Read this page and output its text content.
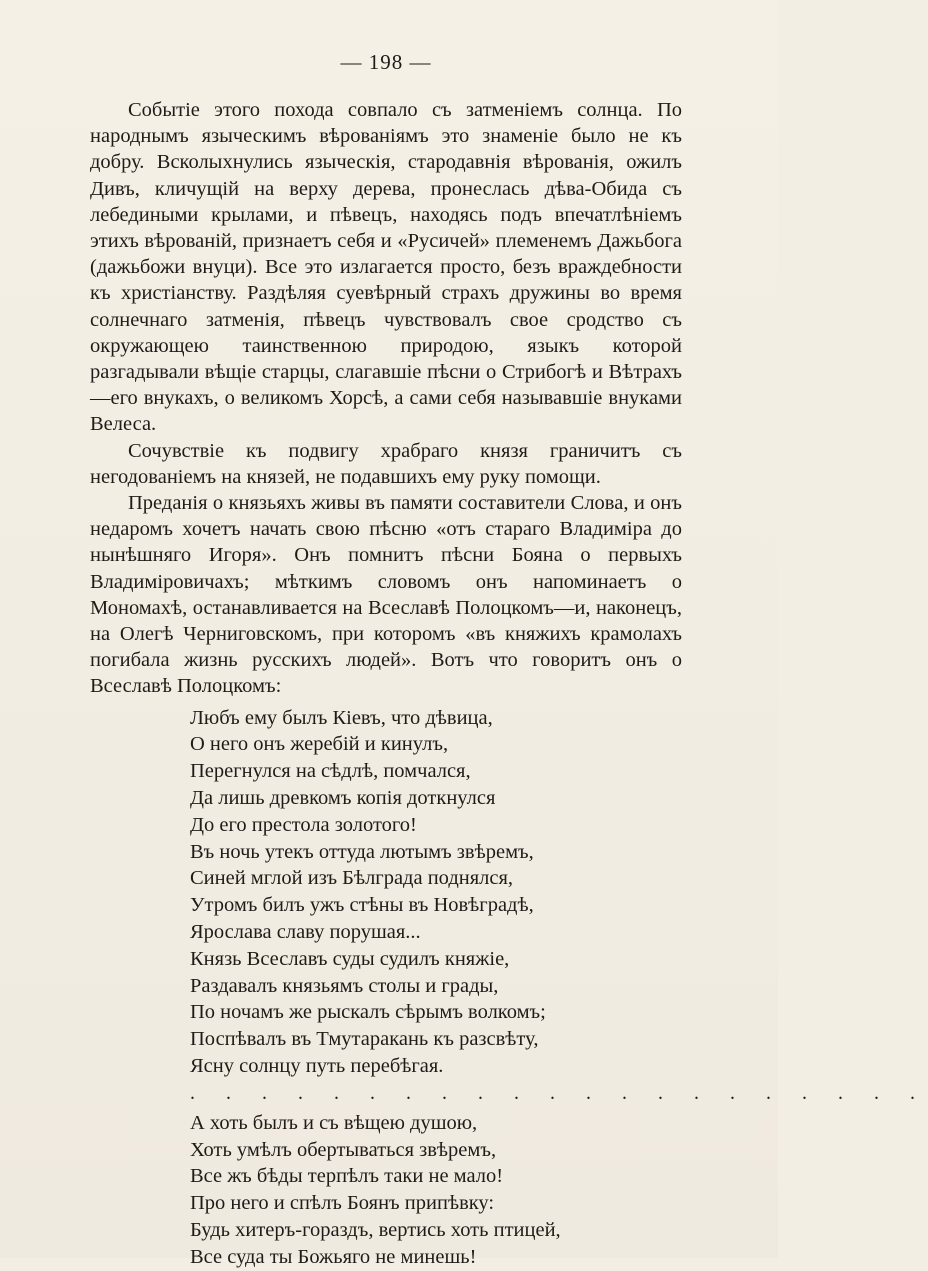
— 198 —

Событіе этого похода совпало съ затменіемъ солнца. По народнымъ языческимъ вѣрованіямъ это знаменіе было не къ добру. Всколыхнулись языческія, стародавнія вѣрованія, ожилъ Дивъ, кличущій на верху дерева, пронеслась дѣва-Обида съ лебедиными крылами, и пѣвецъ, находясь подъ впечатлѣніемъ этихъ вѣрованій, признаетъ себя и «Русичей» племенемъ Дажьбога (дажьбожи внуци). Все это излагается просто, безъ враждебности къ христіанству. Раздѣляя суевѣрный страхъ дружины во время солнечнаго затменія, пѣвецъ чувствовалъ свое сродство съ окружающею таинственною природою, языкъ которой разгадывали вѣщіе старцы, слагавшіе пѣсни о Стрибогѣ и Вѣтрахъ—его внукахъ, о великомъ Хорсѣ, а сами себя называвшіе внуками Велеса.

Сочувствіе къ подвигу храбраго князя граничитъ съ негодованіемъ на князей, не подавшихъ ему руку помощи.

Преданія о князьяхъ живы въ памяти составители Слова, и онъ недаромъ хочетъ начать свою пѣсню «отъ стараго Владиміра до нынѣшняго Игоря». Онъ помнитъ пѣсни Бояна о первыхъ Владиміровичахъ; мѣткимъ словомъ онъ напоминаетъ о Мономахѣ, останавливается на Всеславѣ Полоцкомъ—и, наконецъ, на Олегѣ Черниговскомъ, при которомъ «въ княжихъ крамолахъ погибала жизнь русскихъ людей». Вотъ что говоритъ онъ о Всеславѣ Полоцкомъ:

Любъ ему былъ Кіевъ, что дѣвица,
О него онъ жеребій и кинулъ,
Перегнулся на сѣдлѣ, помчался,
Да лишь древкомъ копія доткнулся
До его престола золотого!
Въ ночь утекъ оттуда лютымъ звѣремъ,
Синей мглой изъ Бѣлграда поднялся,
Утромъ билъ ужъ стѣны въ Новѣградѣ,
Ярослава славу порушая...
Князь Всеславъ суды судилъ княжіе,
Раздавалъ князьямъ столы и грады,
По ночамъ же рыскалъ сѣрымъ волкомъ;
Поспѣвалъ въ Тмутаракань къ разсвѣту,
Ясну солнцу путь перебѣгая.
. . . . . . . . . . . . . . . . . . . . .
А хоть былъ и съ вѣщею душою,
Хоть умѣлъ обертываться звѣремъ,
Все жъ бѣды терпѣлъ таки не мало!
Про него и спѣлъ Боянъ припѣвку:
Будь хитеръ-гораздъ, вертись хоть птицей,
Все суда ты Божьяго не минешь!
